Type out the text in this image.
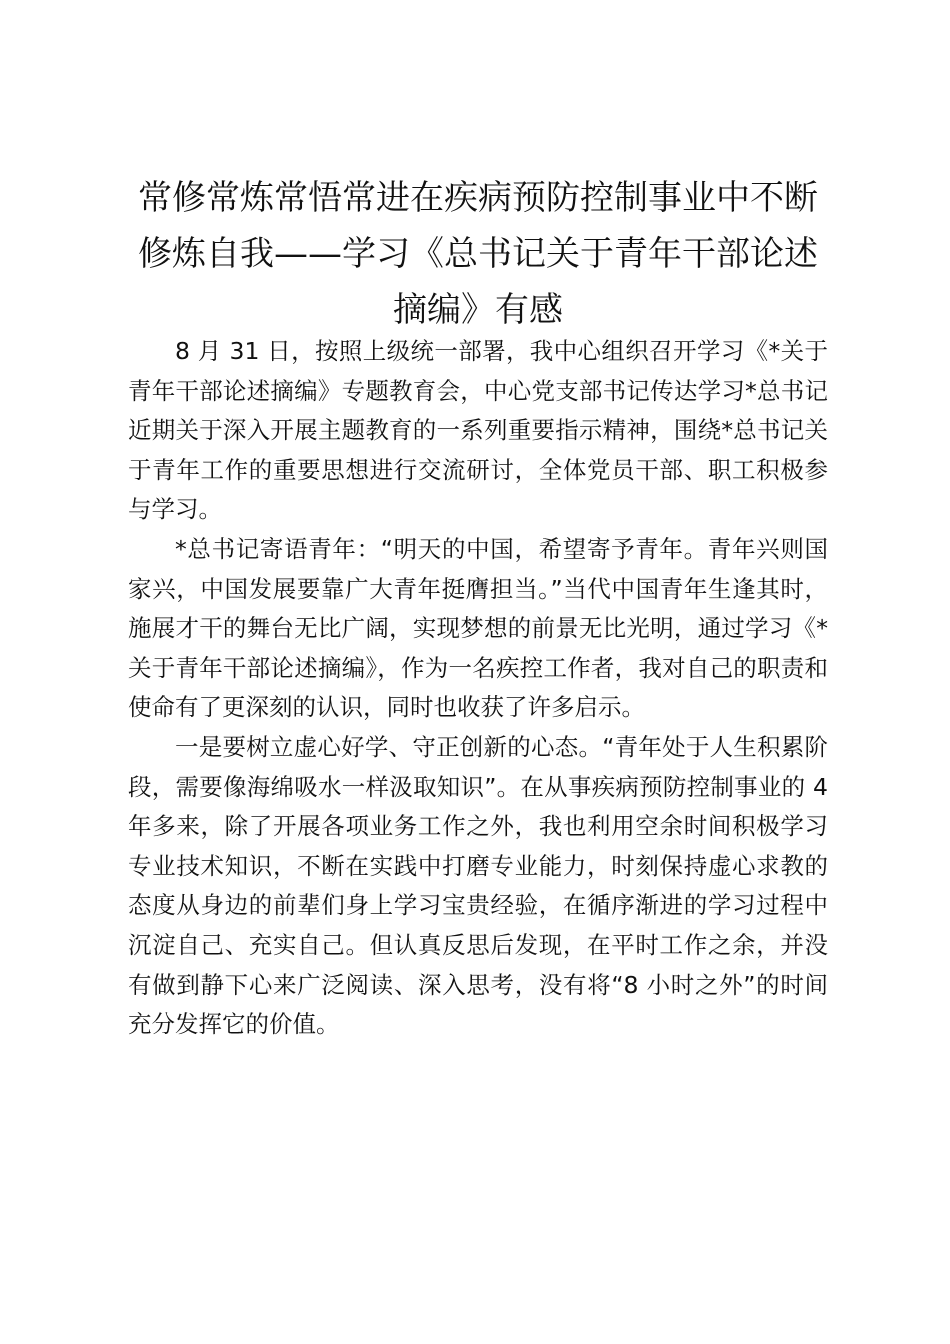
常修常炼常悟常进在疾病预防控制事业中不断修炼自我——学习《总书记关于青年干部论述摘编》有感

8 月 31 日，按照上级统一部署，我中心组织召开学习《*关于青年干部论述摘编》专题教育会，中心党支部书记传达学习*总书记近期关于深入开展主题教育的一系列重要指示精神，围绕*总书记关于青年工作的重要思想进行交流研讨，全体党员干部、职工积极参与学习。

*总书记寄语青年：“明天的中国，希望寄予青年。青年兴则国家兴，中国发展要靠广大青年挺膺担当。”当代中国青年生逢其时，施展才干的舞台无比广阔，实现梦想的前景无比光明，通过学习《*关于青年干部论述摘编》，作为一名疾控工作者，我对自己的职责和使命有了更深刻的认识，同时也收获了许多启示。

一是要树立虚心好学、守正创新的心态。“青年处于人生积累阶段，需要像海绵吸水一样汲取知识”。在从事疾病预防控制事业的 4 年多来，除了开展各项业务工作之外，我也利用空余时间积极学习专业技术知识，不断在实践中打磨专业能力，时刻保持虚心求教的态度从身边的前辈们身上学习宝贵经验，在循序渐进的学习过程中沉淀自己、充实自己。但认真反思后发现，在平时工作之余，并没有做到静下心来广泛阅读、深入思考，没有将“8 小时之外”的时间充分发挥它的价值。
